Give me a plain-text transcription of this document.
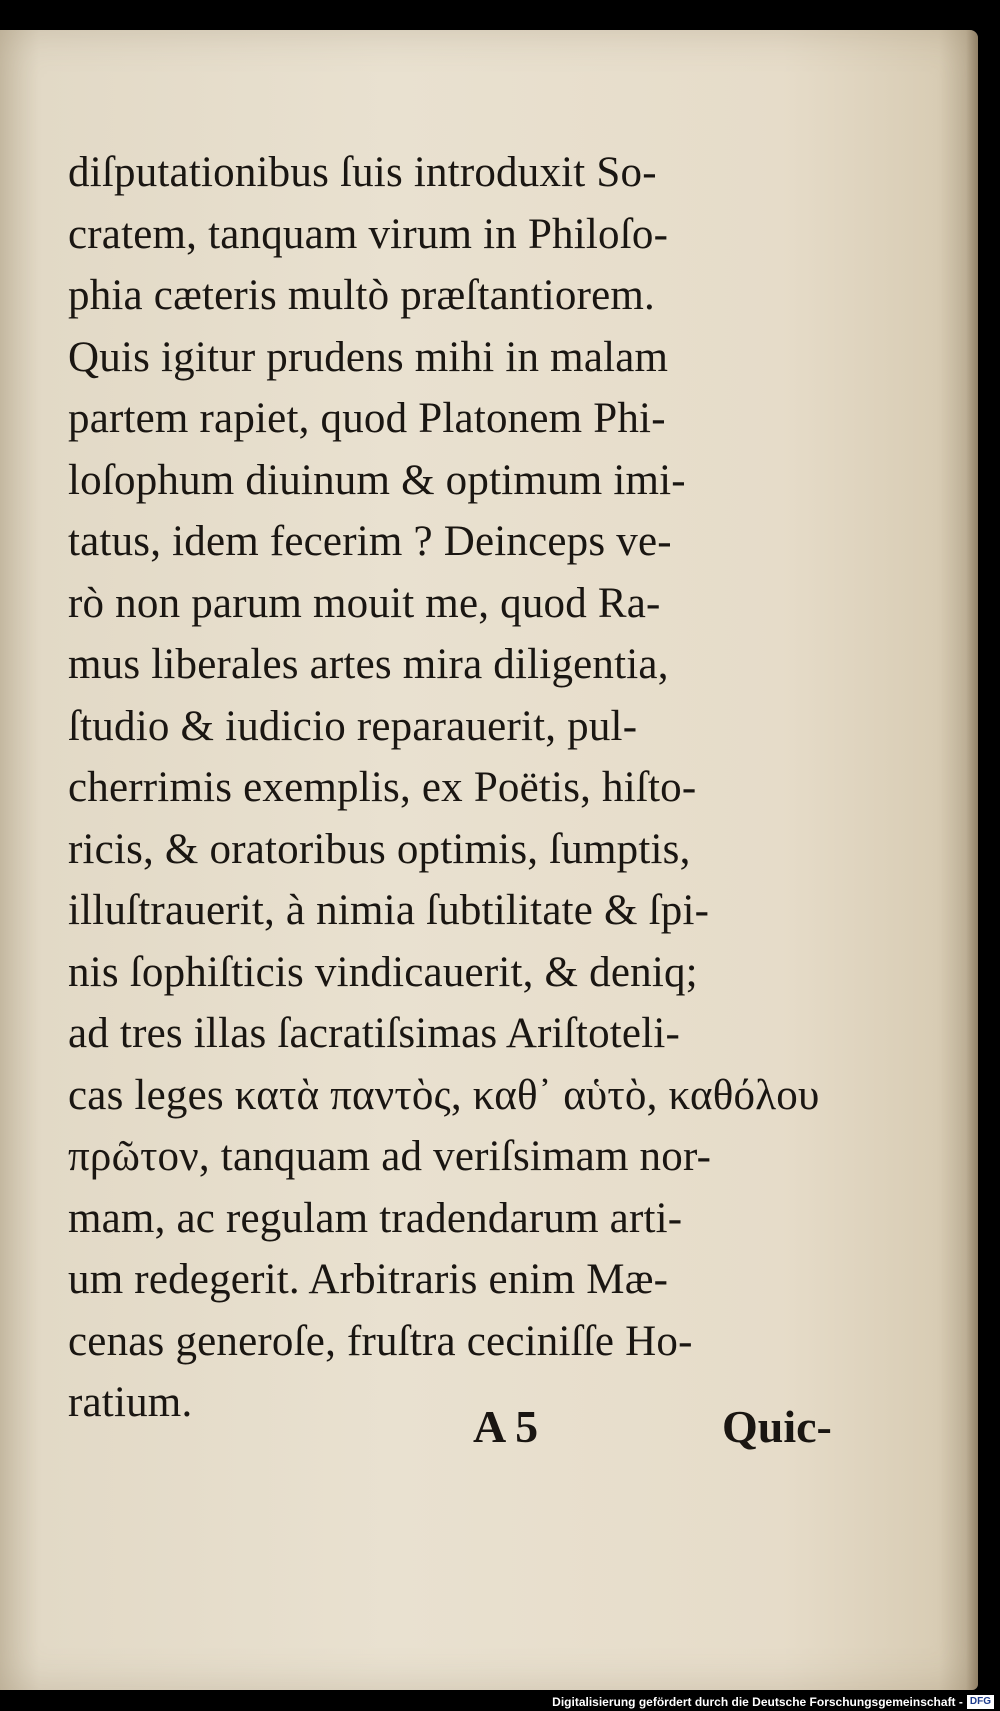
diſputationibus ſuis introduxit So-
cratem, tanquam virum in Philoſo-
phia cæteris multò præſtantiorem.
Quis igitur prudens mihi in malam
partem rapiet, quod Platonem Phi-
loſophum diuinum & optimum imi-
tatus, idem fecerim ? Deinceps ve-
rò non parum mouit me, quod Ra-
mus liberales artes mira diligentia,
ſtudio & iudicio reparauerit, pul-
cherrimis exemplis, ex Poëtis, hiſto-
ricis, & oratoribus optimis, ſumptis,
illuſtrauerit, à nimia ſubtilitate & ſpi-
nis ſophiſticis vindicauerit, & deniq;
ad tres illas ſacratiſsimas Ariſtoteli-
cas leges κατὰ παντὸς, καθ᾽ αὑτὸ, καθόλου
πρῶτον, tanquam ad veriſsimam nor-
mam, ac regulam tradendarum arti-
um redegerit. Arbitraris enim Mæ-
cenas generoſe, fruſtra ceciniſſe Ho-
ratium.	A 5	Quic-
Digitalisierung gefördert durch die Deutsche Forschungsgemeinschaft - DFG
